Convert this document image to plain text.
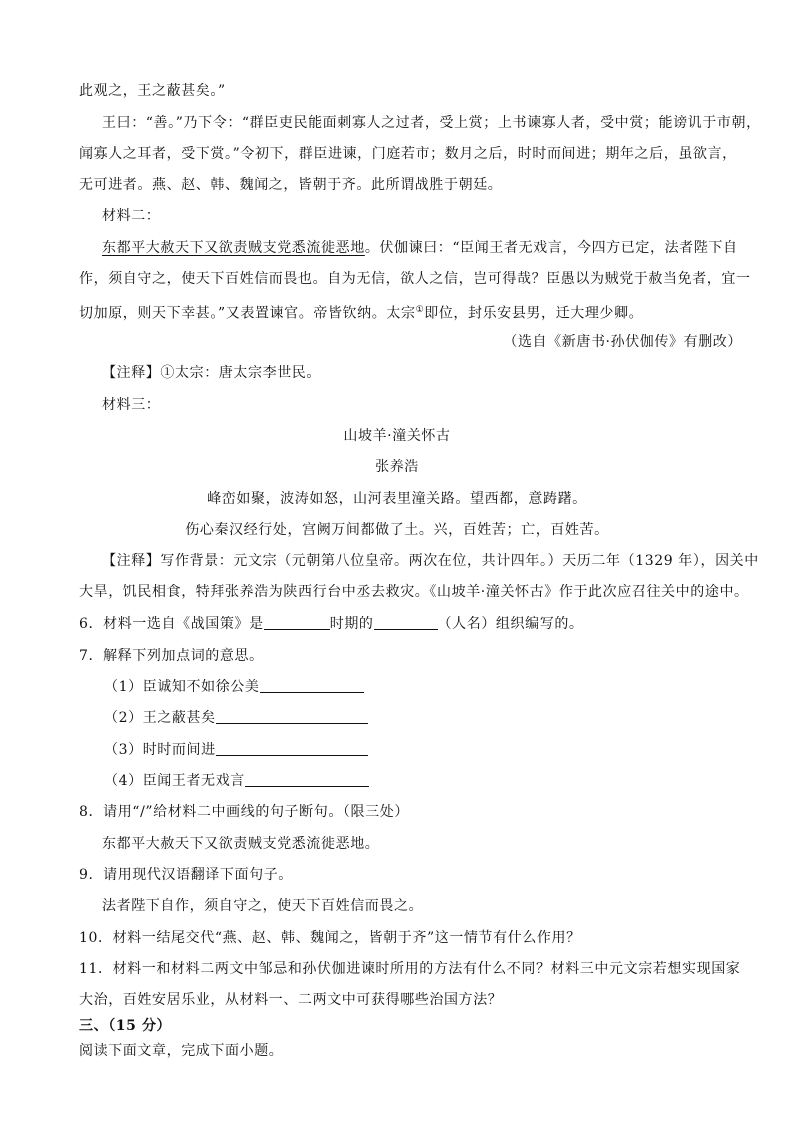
此观之，王之蔽甚矣。”
王曰：“善。”乃下令：“群臣吏民能面刺寡人之过者，受上赏；上书谏寡人者，受中赏；能谤讥于市朝，
闻寡人之耳者，受下赏。”令初下，群臣进谏，门庭若市；数月之后，时时而间进；期年之后，虽欲言，
无可进者。燕、赵、韩、魏闻之，皆朝于齐。此所谓战胜于朝廷。
材料二：
东都平大赦天下又欲责贼支党悉流徙恶地。伏伽谏曰：“臣闻王者无戏言，今四方已定，法者陛下自
作，须自守之，使天下百姓信而畏也。自为无信，欲人之信，岂可得哉？臣愚以为贼党于赦当免者，宜一
切加原，则天下幸甚。”又表置谏官。帝皆钦纳。太宗①即位，封乐安县男，迁大理少卿。
（选自《新唐书·孙伏伽传》有删改）
【注释】①太宗：唐太宗李世民。
材料三：
山坡羊·潼关怀古
张养浩
峰峦如聚，波涛如怒，山河表里潼关路。望西都，意踌躇。
伤心秦汉经行处，宫阙万间都做了土。兴，百姓苦；亡，百姓苦。
【注释】写作背景：元文宗（元朝第八位皇帝。两次在位，共计四年。）天历二年（1329 年），因关中
大旱，饥民相食，特拜张养浩为陕西行台中丞去救灾。《山坡羊·潼关怀古》作于此次应召往关中的途中。
6．材料一选自《战国策》是	时期的	（人名）组织编写的。
7．解释下列加点词的意思。
（1）臣诚知不如徐公美
（2）王之蔽甚矣
（3）时时而间进
（4）臣闻王者无戏言
8．请用“/”给材料二中画线的句子断句。（限三处）
东都平大赦天下又欲责贼支党悉流徙恶地。
9．请用现代汉语翻译下面句子。
法者陛下自作，须自守之，使天下百姓信而畏之。
10．材料一结尾交代“燕、赵、韩、魏闻之，皆朝于齐”这一情节有什么作用？
11．材料一和材料二两文中邹忌和孙伏伽进谏时所用的方法有什么不同？材料三中元文宗若想实现国家
大治，百姓安居乐业，从材料一、二两文中可获得哪些治国方法？
三、（15 分）
阅读下面文章，完成下面小题。
